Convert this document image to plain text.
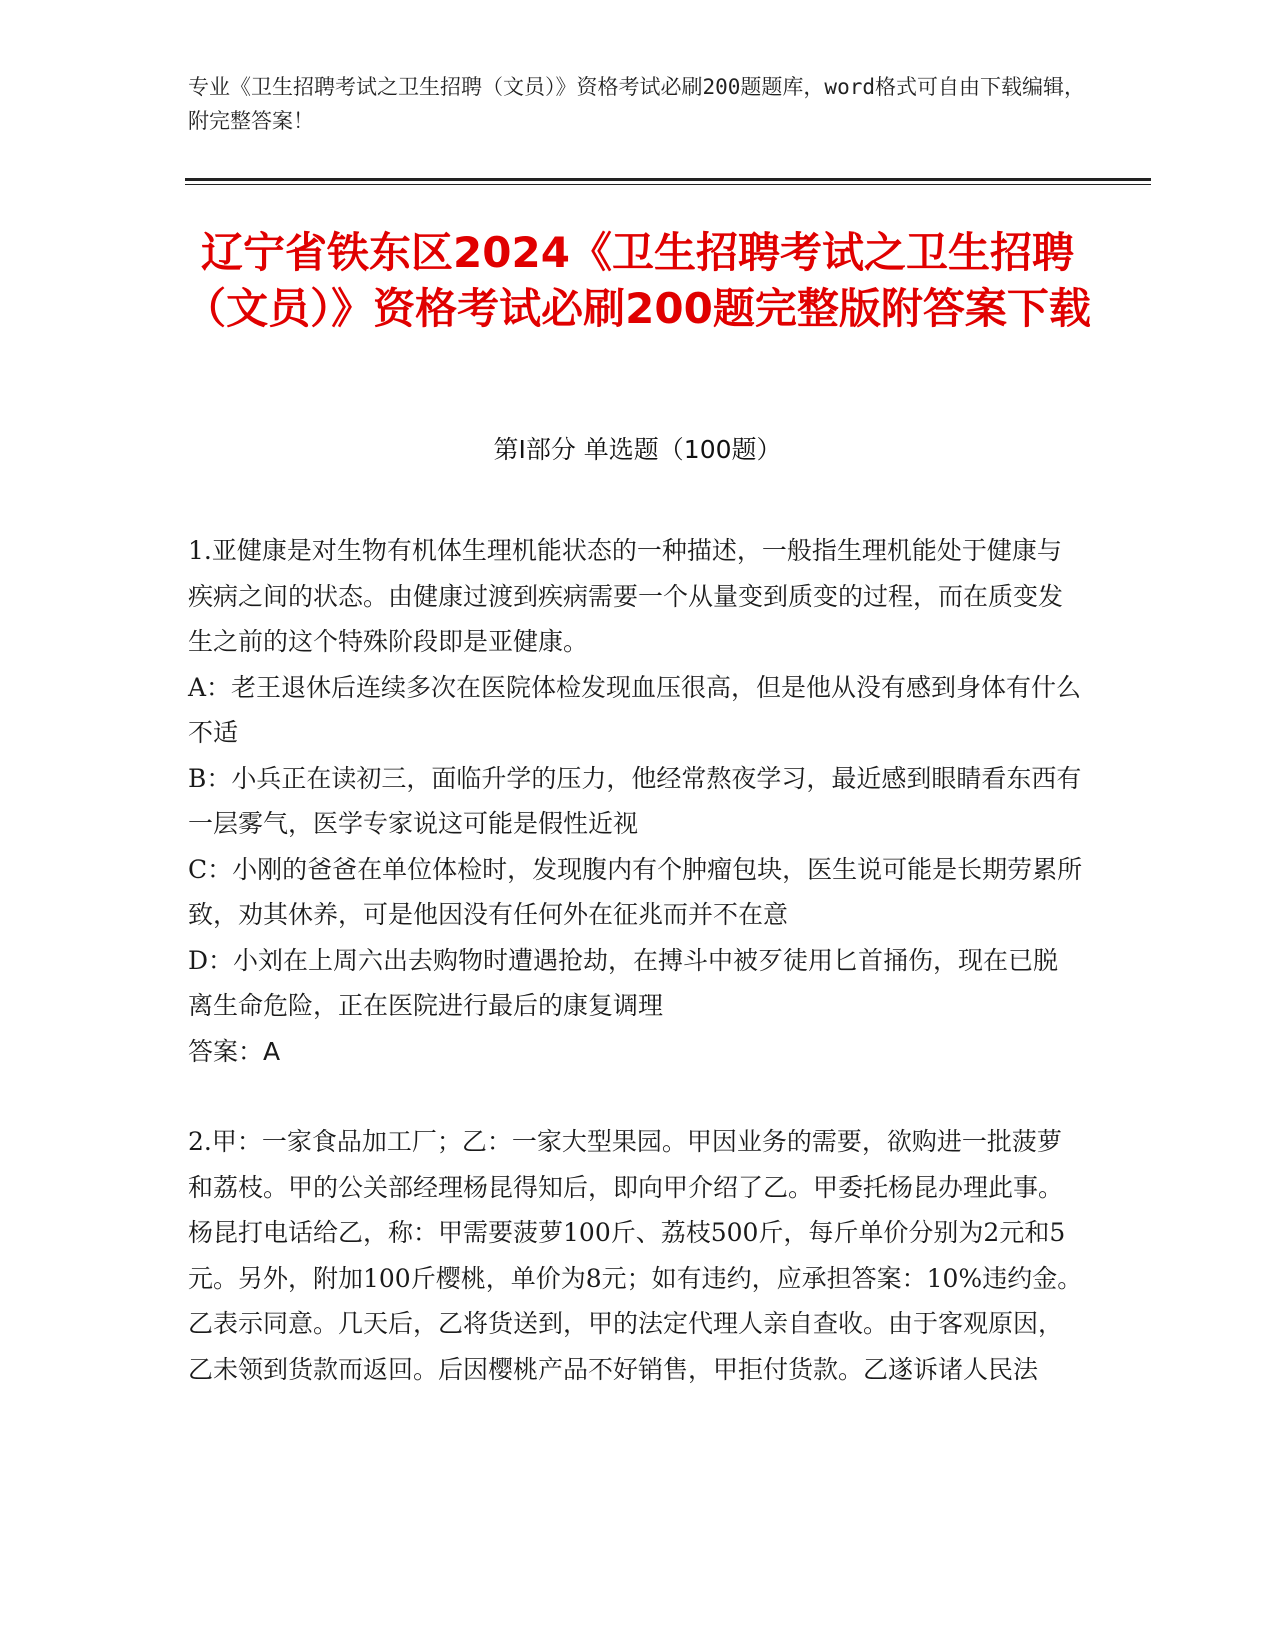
专业《卫生招聘考试之卫生招聘（文员）》资格考试必刷200题题库，word格式可自由下载编辑，附完整答案！
辽宁省铁东区2024《卫生招聘考试之卫生招聘（文员）》资格考试必刷200题完整版附答案下载
第I部分 单选题（100题）

1.亚健康是对生物有机体生理机能状态的一种描述，一般指生理机能处于健康与疾病之间的状态。由健康过渡到疾病需要一个从量变到质变的过程，而在质变发生之前的这个特殊阶段即是亚健康。

A：老王退休后连续多次在医院体检发现血压很高，但是他从没有感到身体有什么不适

B：小兵正在读初三，面临升学的压力，他经常熬夜学习，最近感到眼睛看东西有一层雾气，医学专家说这可能是假性近视

C：小刚的爸爸在单位体检时，发现腹内有个肿瘤包块，医生说可能是长期劳累所致，劝其休养，可是他因没有任何外在征兆而并不在意

D：小刘在上周六出去购物时遭遇抢劫，在搏斗中被歹徒用匕首捅伤，现在已脱离生命危险，正在医院进行最后的康复调理

答案：A

2.甲：一家食品加工厂；乙：一家大型果园。甲因业务的需要，欲购进一批菠萝和荔枝。甲的公关部经理杨昆得知后，即向甲介绍了乙。甲委托杨昆办理此事。杨昆打电话给乙，称：甲需要菠萝100斤、荔枝500斤，每斤单价分别为2元和5元。另外，附加100斤樱桃，单价为8元；如有违约，应承担答案：10%违约金。乙表示同意。几天后，乙将货送到，甲的法定代理人亲自查收。由于客观原因，乙未领到货款而返回。后因樱桃产品不好销售，甲拒付货款。乙遂诉诸人民法
